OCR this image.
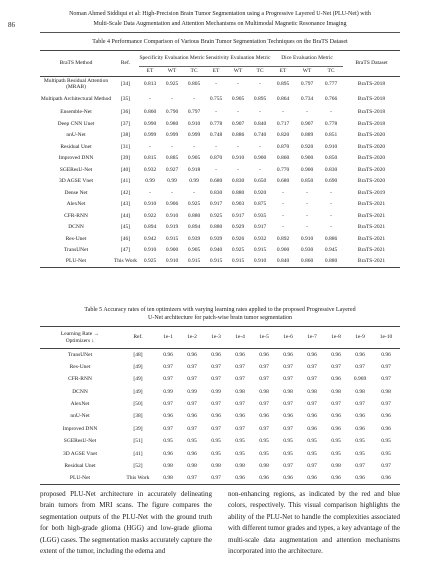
86
Noman Ahmed Siddiqui et al: High-Precision Brain Tumor Segmentation using a Progressive Layered U-Net (PLU-Net) with
Multi-Scale Data Augmentation and Attention Mechanisms on Multimodal Magnetic Resonance Imaging
Table 4 Performance Comparison of Various Brain Tumor Segmentation Techniques on the BraTS Dataset
BraTS Method	Ref.	Specificity Evaluation Metric			Sensitivity Evaluation Metric			Dice Evaluation Metric			BraTS Dataset
		ET	WT	TC	ET	WT	TC	ET	WT	TC	
Multipath Residual Attention (MRAB)	[34]	0.813	0.925	0.805	-	-	-	0.895	0.797	0.777	BraTS-2018
Multipath Architectural Method	[35]	-	-	-	0.755	0.905	0.895	0.864	0.734	0.766	BraTS-2018
Ensemble-Net	[36]	0.860	0.790	0.797	-	-	-	-	-	-	BraTS-2018
Deep CNN Unet	[37]	0.990	0.980	0.910	0.778	0.907	0.840	0.717	0.907	0.778	BraTS-2018
nnU-Net	[38]	0.999	0.999	0.999	0.748	0.886	0.740	0.820	0.889	0.851	BraTS-2020
Residual Unet	[31]	-	-	-	-	-	-	0.870	0.920	0.910	BraTS-2020
Improved DNN	[39]	0.815	0.885	0.905	0.870	0.910	0.900	0.860	0.900	0.850	BraTS-2020
SGEResU-Net	[40]	0.932	0.927	0.918	-	-	-	0.770	0.900	0.830	BraTS-2020
3D AGSE Vnet	[41]	0.99	0.99	0.99	0.680	0.830	0.650	0.680	0.850	0.690	BraTS-2020
Dense Net	[42]	-	-	-	0.830	0.880	0.920	-	-	-	BraTS-2019
AlexNet	[43]	0.910	0.906	0.925	0.917	0.903	0.875	-	-	-	BraTS-2021
CFR-RNN	[44]	0.922	0.910	0.880	0.925	0.917	0.935	-	-	-	BraTS-2021
DCNN	[45]	0.894	0.919	0.894	0.880	0.929	0.917	-	-	-	BraTS-2021
Res-Unet	[46]	0.942	0.915	0.939	0.939	0.926	0.932	0.892	0.910	0.886	BraTS-2021
TransUNet	[47]	0.910	0.900	0.905	0.940	0.925	0.915	0.900	0.930	0.945	BraTS-2021
PLU-Net	This Work	0.925	0.910	0.915	0.915	0.915	0.910	0.840	0.860	0.880	BraTS-2021
Table 5 Accuracy rates of ten optimizers with varying learning rates applied to the proposed Progressive Layered
U-Net architecture for patch-wise brain tumor segmentation
Learning Rate →
Optimizers ↓	Ref.	1e-1	1e-2	1e-3	1e-4	1e-5	1e-6	1e-7	1e-8	1e-9	1e-10
TransUNet	[48]	0.96	0.96	0.96	0.96	0.96	0.96	0.96	0.96	0.96	0.96
Res-Unet	[49]	0.97	0.97	0.97	0.97	0.97	0.97	0.97	0.97	0.97	0.97
CFR-RNN	[49]	0.97	0.97	0.97	0.97	0.97	0.97	0.97	0.96	0.969	0.97
DCNN	[49]	0.99	0.99	0.99	0.98	0.98	0.98	0.98	0.98	0.98	0.98
AlexNet	[50]	0.97	0.97	0.97	0.97	0.97	0.97	0.97	0.97	0.97	0.97
nnU-Net	[38]	0.96	0.96	0.96	0.96	0.96	0.96	0.96	0.96	0.96	0.96
Improved DNN	[39]	0.97	0.97	0.97	0.97	0.97	0.97	0.96	0.96	0.96	0.96
SGEResU-Net	[51]	0.95	0.95	0.95	0.95	0.95	0.95	0.95	0.95	0.95	0.95
3D AGSE Vnet	[41]	0.96	0.96	0.95	0.95	0.95	0.95	0.95	0.95	0.95	0.95
Residual Unet	[52]	0.98	0.98	0.98	0.98	0.98	0.97	0.97	0.98	0.97	0.97
PLU-Net	This Work	0.98	0.97	0.97	0.96	0.96	0.96	0.96	0.96	0.96	0.96
proposed PLU-Net architecture in accurately delineating brain tumors from MRI scans. The figure compares the segmentation outputs of the PLU-Net with the ground truth for both high-grade glioma (HGG) and low-grade glioma (LGG) cases. The segmentation masks accurately capture the extent of the tumor, including the edema and
non-enhancing regions, as indicated by the red and blue colors, respectively. This visual comparison highlights the ability of the PLU-Net to handle the complexities associated with different tumor grades and types, a key advantage of the multi-scale data augmentation and attention mechanisms incorporated into the architecture.
